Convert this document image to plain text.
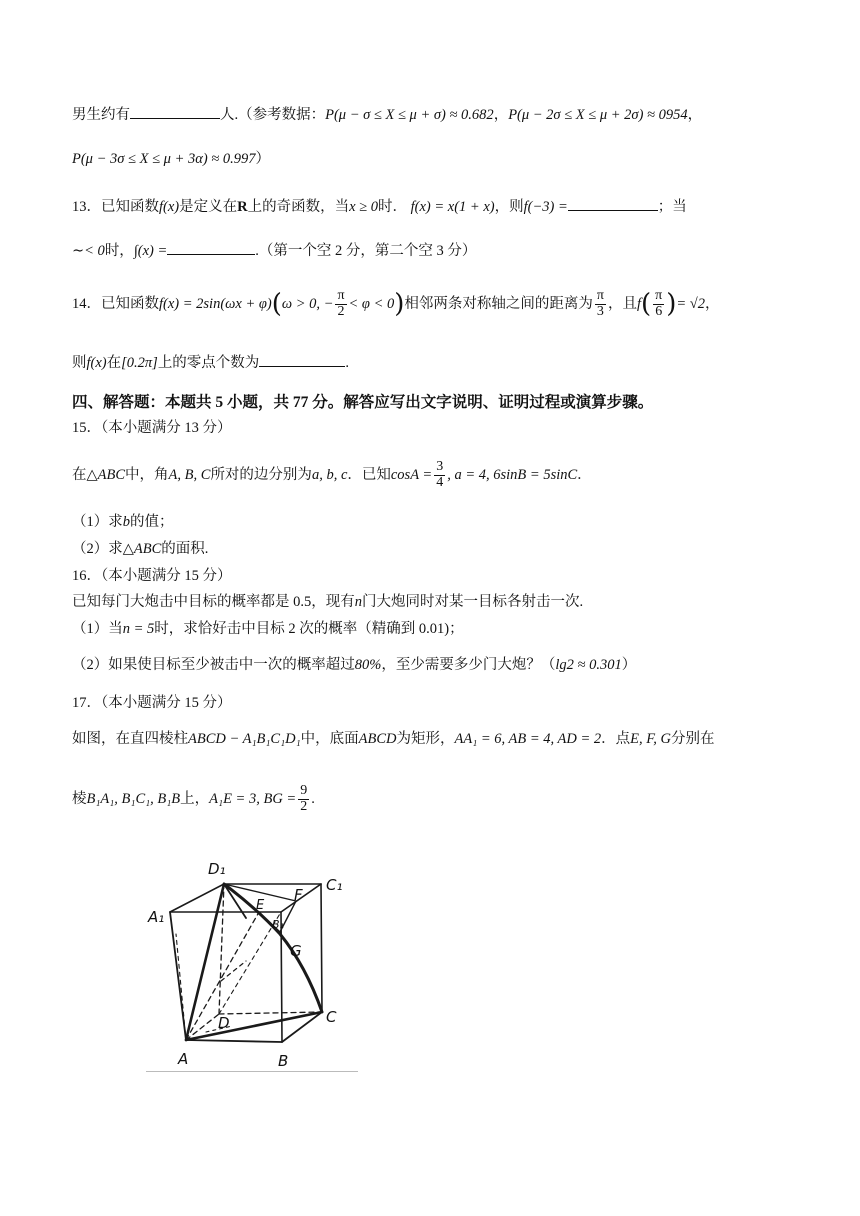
男生约有	人.（参考数据：P(μ − σ ≤ X ≤ μ + σ) ≈ 0.682，P(μ − 2σ ≤ X ≤ μ + 2σ) ≈ 0954，
P(μ − 3σ ≤ X ≤ μ + 3α) ≈ 0.997）
13．已知函数f(x)是定义在R上的奇函数，当x ≥ 0时． f(x) = x(1 + x)，则f(−3) =	；当
∼< 0时，∫(x) =	.（第一个空 2 分，第二个空 3 分）
14．已知函数f(x) = 2sin(ωx + φ)(ω > 0, − $\frac{\pi}{2} < \varphi < 0$)相邻两条对称轴之间的距离为 $\frac{\pi}{3}$ ，且$f( \frac{\pi}{6}$ )= √2，
则f(x)在[0.2π]上的零点个数为	.
四、解答题：本题共 5 小题，共 77 分。解答应写出文字说明、证明过程或演算步骤。
15．（本小题满分 13 分）
在△ABC中，角A, B, C所对的边分别为a, b, c．已知$\cos A = \frac{3}{4}$ , a = 4, 6sinB = 5sinC．
（1）求b的值；
（2）求△ABC的面积.
16．（本小题满分 15 分）
已知每门大炮击中目标的概率都是 0.5，现有n门大炮同时对某一目标各射击一次.
（1）当n = 5时，求恰好击中目标 2 次的概率（精确到 0.01)；
（2）如果使目标至少被击中一次的概率超过80%，至少需要多少门大炮？（lg2 ≈ 0.301）
17．（本小题满分 15 分）
如图，在直四棱柱ABCD − A₁B₁C₁D₁中，底面ABCD为矩形，AA₁ = 6, AB = 4, AD = 2．点E, F, G分别在
棱B₁A₁, B₁C₁, B₁B上，A₁E = 3, BG = $\frac{9}{2}$ .
D₁
C₁
A₁
E
F
B₁
G
D	C
A	B
